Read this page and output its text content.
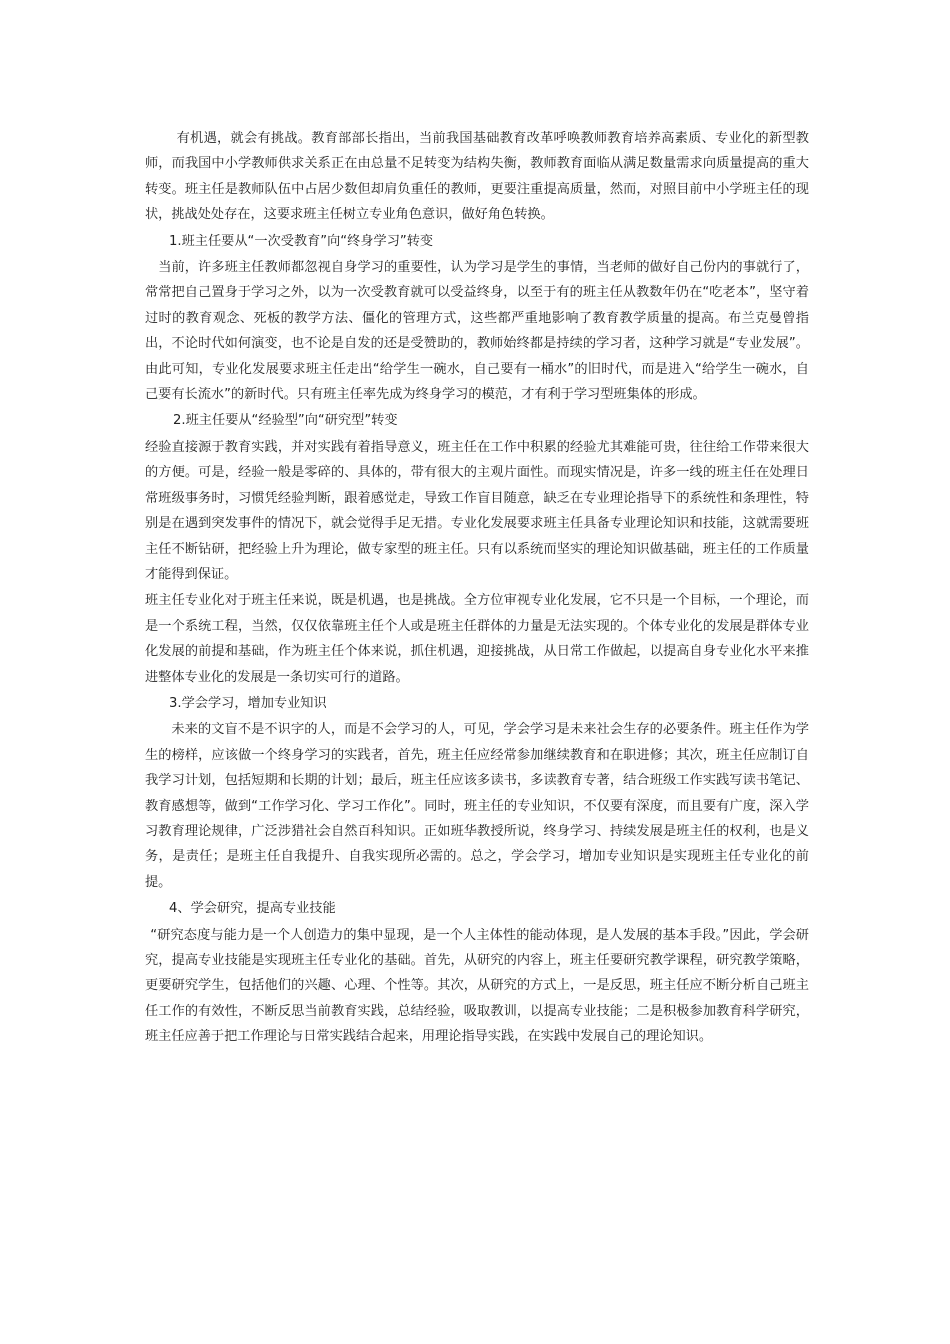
有机遇，就会有挑战。教育部部长指出，当前我国基础教育改革呼唤教师教育培养高素质、专业化的新型教师，而我国中小学教师供求关系正在由总量不足转变为结构失衡，教师教育面临从满足数量需求向质量提高的重大转变。班主任是教师队伍中占居少数但却肩负重任的教师，更要注重提高质量，然而，对照目前中小学班主任的现状，挑战处处存在，这要求班主任树立专业角色意识，做好角色转换。

1.班主任要从“一次受教育”向“终身学习”转变

当前，许多班主任教师都忽视自身学习的重要性，认为学习是学生的事情，当老师的做好自己份内的事就行了，常常把自己置身于学习之外，以为一次受教育就可以受益终身，以至于有的班主任从教数年仍在“吃老本”，坚守着过时的教育观念、死板的教学方法、僵化的管理方式，这些都严重地影响了教育教学质量的提高。布兰克曼曾指出，不论时代如何演变，也不论是自发的还是受赞助的，教师始终都是持续的学习者，这种学习就是“专业发展”。由此可知，专业化发展要求班主任走出“给学生一碗水，自己要有一桶水”的旧时代，而是进入“给学生一碗水，自己要有长流水”的新时代。只有班主任率先成为终身学习的模范，才有利于学习型班集体的形成。

2.班主任要从“经验型”向“研究型”转变

经验直接源于教育实践，并对实践有着指导意义，班主任在工作中积累的经验尤其难能可贵，往往给工作带来很大的方便。可是，经验一般是零碎的、具体的，带有很大的主观片面性。而现实情况是，许多一线的班主任在处理日常班级事务时，习惯凭经验判断，跟着感觉走，导致工作盲目随意，缺乏在专业理论指导下的系统性和条理性，特别是在遇到突发事件的情况下，就会觉得手足无措。专业化发展要求班主任具备专业理论知识和技能，这就需要班主任不断钻研，把经验上升为理论，做专家型的班主任。只有以系统而坚实的理论知识做基础，班主任的工作质量才能得到保证。

班主任专业化对于班主任来说，既是机遇，也是挑战。全方位审视专业化发展，它不只是一个目标，一个理论，而是一个系统工程，当然，仅仅依靠班主任个人或是班主任群体的力量是无法实现的。个体专业化的发展是群体专业化发展的前提和基础，作为班主任个体来说，抓住机遇，迎接挑战，从日常工作做起，以提高自身专业化水平来推进整体专业化的发展是一条切实可行的道路。

3.学会学习，增加专业知识

未来的文盲不是不识字的人，而是不会学习的人，可见，学会学习是未来社会生存的必要条件。班主任作为学生的榜样，应该做一个终身学习的实践者，首先，班主任应经常参加继续教育和在职进修；其次，班主任应制订自我学习计划，包括短期和长期的计划；最后，班主任应该多读书，多读教育专著，结合班级工作实践写读书笔记、教育感想等，做到“工作学习化、学习工作化”。同时，班主任的专业知识，不仅要有深度，而且要有广度，深入学习教育理论规律，广泛涉猎社会自然百科知识。正如班华教授所说，终身学习、持续发展是班主任的权利，也是义务，是责任；是班主任自我提升、自我实现所必需的。总之，学会学习，增加专业知识是实现班主任专业化的前提。

4、学会研究，提高专业技能

“研究态度与能力是一个人创造力的集中显现，是一个人主体性的能动体现，是人发展的基本手段。”因此，学会研究，提高专业技能是实现班主任专业化的基础。首先，从研究的内容上，班主任要研究教学课程，研究教学策略，更要研究学生，包括他们的兴趣、心理、个性等。其次，从研究的方式上，一是反思，班主任应不断分析自己班主任工作的有效性，不断反思当前教育实践，总结经验，吸取教训，以提高专业技能；二是积极参加教育科学研究，班主任应善于把工作理论与日常实践结合起来，用理论指导实践，在实践中发展自己的理论知识。
